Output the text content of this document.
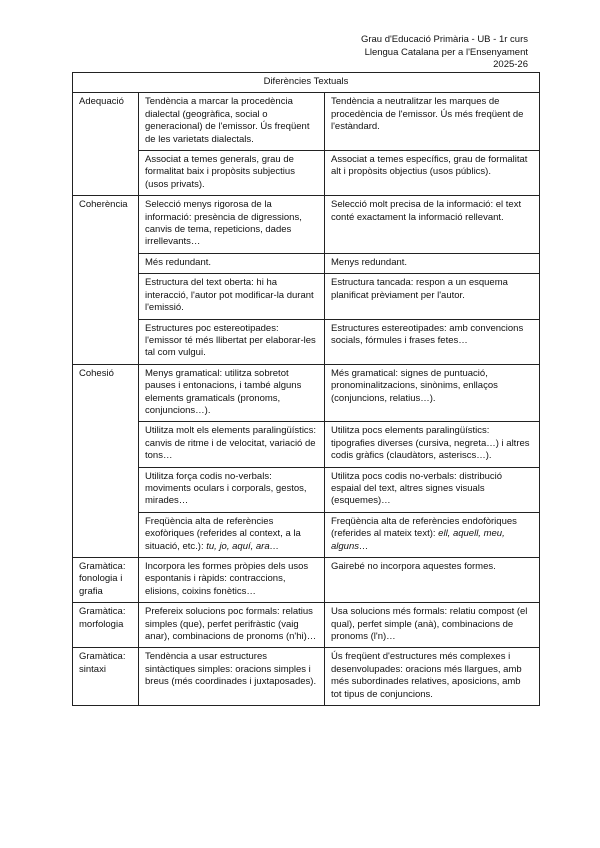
Grau d'Educació Primària - UB - 1r curs
Llengua Catalana per a l'Ensenyament
2025-26
Diferències Textuals		
Adequació	Tendència a marcar la procedència dialectal (geogràfica, social o generacional) de l'emissor. Ús freqüent de les varietats dialectals.	Tendència a neutralitzar les marques de procedència de l'emissor. Ús més freqüent de l'estàndard.
	Associat a temes generals, grau de formalitat baix i propòsits subjectius (usos privats).	Associat a temes específics, grau de formalitat alt i propòsits objectius (usos públics).
Coherència	Selecció menys rigorosa de la informació: presència de digressions, canvis de tema, repeticions, dades irrellevants…	Selecció molt precisa de la informació: el text conté exactament la informació rellevant.
	Més redundant.	Menys redundant.
	Estructura del text oberta: hi ha interacció, l'autor pot modificar-la durant l'emissió.	Estructura tancada: respon a un esquema planificat prèviament per l'autor.
	Estructures poc estereotipades: l'emissor té més llibertat per elaborar-les tal com vulgui.	Estructures estereotipades: amb convencions socials, fórmules i frases fetes…
Cohesió	Menys gramatical: utilitza sobretot pauses i entonacions, i també alguns elements gramaticals (pronoms, conjuncions…).	Més gramatical: signes de puntuació, pronominalitzacions, sinònims, enllaços (conjuncions, relatius…).
	Utilitza molt els elements paralingüístics: canvis de ritme i de velocitat, variació de tons…	Utilitza pocs elements paralingüístics: tipografies diverses (cursiva, negreta…) i altres codis gràfics (claudàtors, asteriscs…).
	Utilitza força codis no-verbals: moviments oculars i corporals, gestos, mirades…	Utilitza pocs codis no-verbals: distribució espaial del text, altres signes visuals (esquemes)…
	Freqüència alta de referències exofòriques (referides al context, a la situació, etc.): tu, jo, aquí, ara…	Freqüència alta de referències endofòriques (referides al mateix text): ell, aquell, meu, alguns…
Gramàtica: fonologia i grafia	Incorpora les formes pròpies dels usos espontanis i ràpids: contraccions, elisions, coixins fonètics…	Gairebé no incorpora aquestes formes.
Gramàtica: morfologia	Prefereix solucions poc formals: relatius simples (que), perfet perifràstic (vaig anar), combinacions de pronoms (n'hi)…	Usa solucions més formals: relatiu compost (el qual), perfet simple (anà), combinacions de pronoms (l'n)…
Gramàtica: sintaxi	Tendència a usar estructures sintàctiques simples: oracions simples i breus (més coordinades i juxtaposades).	Ús freqüent d'estructures més complexes i desenvolupades: oracions més llargues, amb més subordinades relatives, aposicions, amb tot tipus de conjuncions.
